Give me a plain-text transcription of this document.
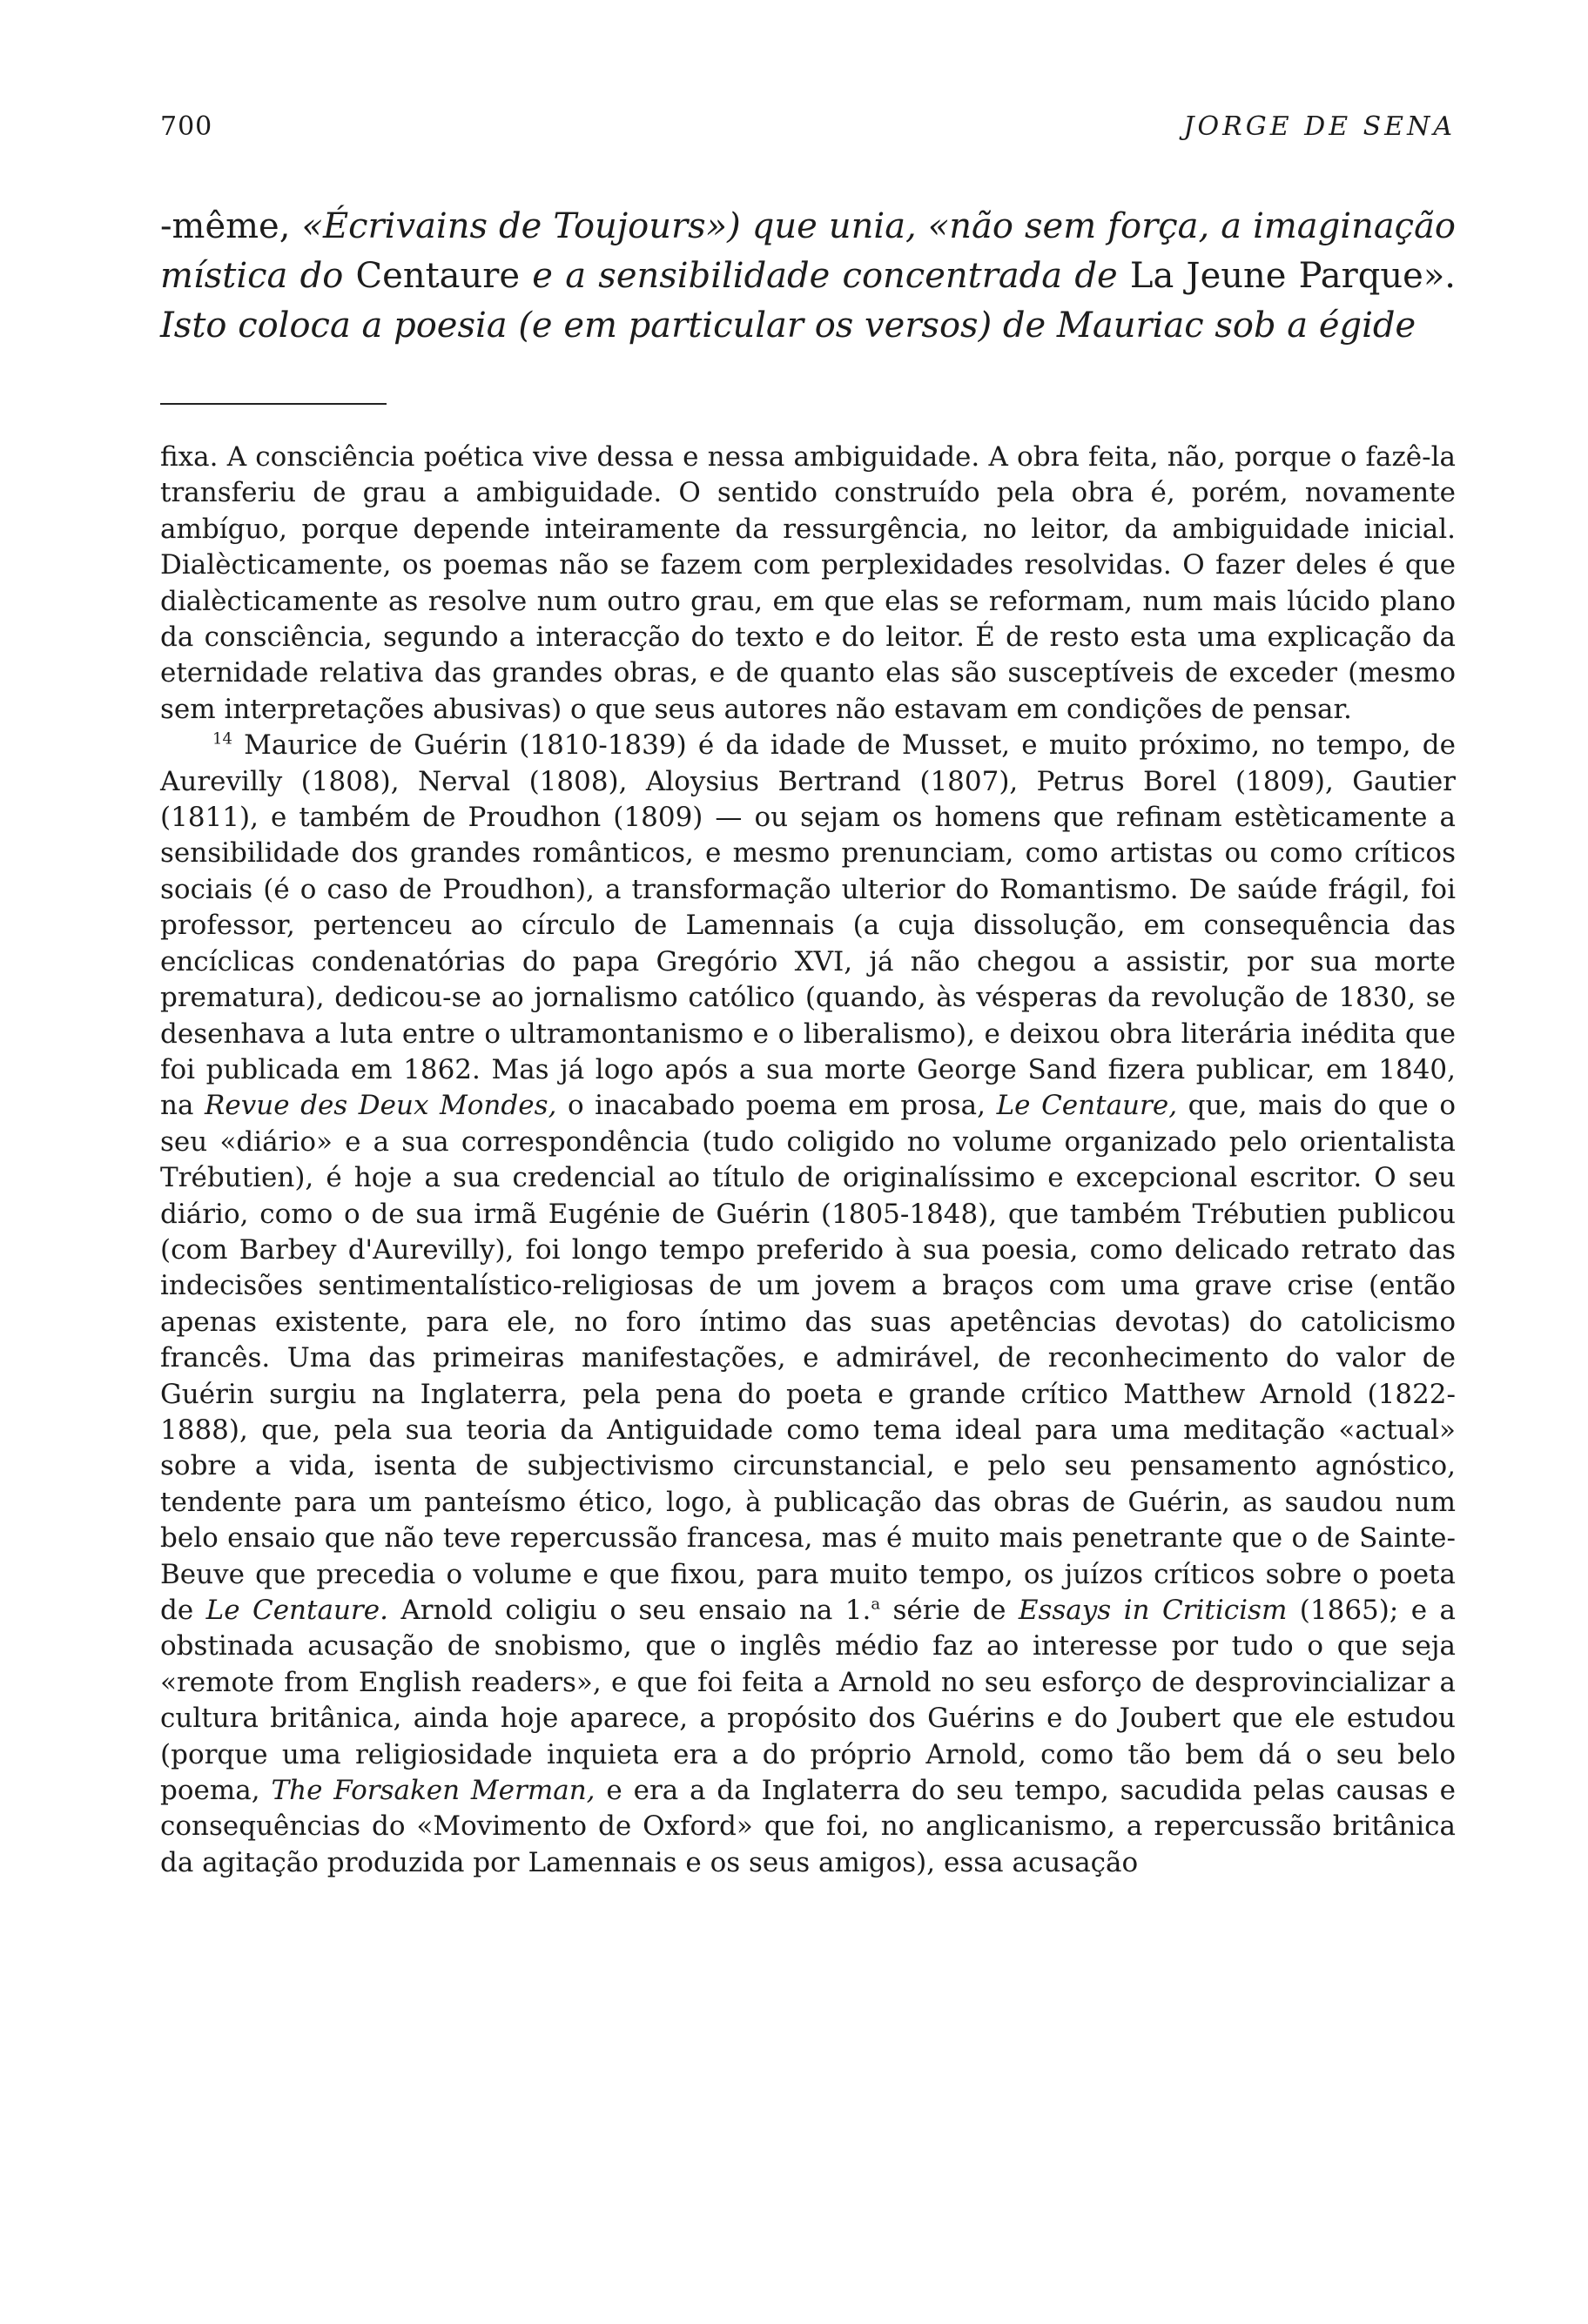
700	JORGE DE SENA

-même, «Écrivains de Toujours») que unia, «não sem força, a imaginação mística do Centaure e a sensibilidade concentrada de La Jeune Parque». Isto coloca a poesia (e em particular os versos) de Mauriac sob a égide

fixa. A consciência poética vive dessa e nessa ambiguidade. A obra feita, não, porque o fazê-la transferiu de grau a ambiguidade. O sentido construído pela obra é, porém, novamente ambíguo, porque depende inteiramente da ressurgência, no leitor, da ambiguidade inicial. Dialècticamente, os poemas não se fazem com perplexidades resolvidas. O fazer deles é que dialècticamente as resolve num outro grau, em que elas se reformam, num mais lúcido plano da consciência, segundo a interacção do texto e do leitor. É de resto esta uma explicação da eternidade relativa das grandes obras, e de quanto elas são susceptíveis de exceder (mesmo sem interpretações abusivas) o que seus autores não estavam em condições de pensar.

$^{14}$ Maurice de Guérin (1810-1839) é da idade de Musset, e muito próximo, no tempo, de Aurevilly (1808), Nerval (1808), Aloysius Bertrand (1807), Petrus Borel (1809), Gautier (1811), e também de Proudhon (1809) — ou sejam os homens que refinam estèticamente a sensibilidade dos grandes românticos, e mesmo prenunciam, como artistas ou como críticos sociais (é o caso de Proudhon), a transformação ulterior do Romantismo. De saúde frágil, foi professor, pertenceu ao círculo de Lamennais (a cuja dissolução, em consequência das encíclicas condenatórias do papa Gregório XVI, já não chegou a assistir, por sua morte prematura), dedicou-se ao jornalismo católico (quando, às vésperas da revolução de 1830, se desenhava a luta entre o ultramontanismo e o liberalismo), e deixou obra literária inédita que foi publicada em 1862. Mas já logo após a sua morte George Sand fizera publicar, em 1840, na Revue des Deux Mondes, o inacabado poema em prosa, Le Centaure, que, mais do que o seu «diário» e a sua correspondência (tudo coligido no volume organizado pelo orientalista Trébutien), é hoje a sua credencial ao título de originalíssimo e excepcional escritor. O seu diário, como o de sua irmã Eugénie de Guérin (1805-1848), que também Trébutien publicou (com Barbey d'Aurevilly), foi longo tempo preferido à sua poesia, como delicado retrato das indecisões sentimentalístico-religiosas de um jovem a braços com uma grave crise (então apenas existente, para ele, no foro íntimo das suas apetências devotas) do catolicismo francês. Uma das primeiras manifestações, e admirável, de reconhecimento do valor de Guérin surgiu na Inglaterra, pela pena do poeta e grande crítico Matthew Arnold (1822-1888), que, pela sua teoria da Antiguidade como tema ideal para uma meditação «actual» sobre a vida, isenta de subjectivismo circunstancial, e pelo seu pensamento agnóstico, tendente para um panteísmo ético, logo, à publicação das obras de Guérin, as saudou num belo ensaio que não teve repercussão francesa, mas é muito mais penetrante que o de Sainte-Beuve que precedia o volume e que fixou, para muito tempo, os juízos críticos sobre o poeta de Le Centaure. Arnold coligiu o seu ensaio na 1.$^a$ série de Essays in Criticism (1865); e a obstinada acusação de snobismo, que o inglês médio faz ao interesse por tudo o que seja «remote from English readers», e que foi feita a Arnold no seu esforço de desprovincializar a cultura britânica, ainda hoje aparece, a propósito dos Guérins e do Joubert que ele estudou (porque uma religiosidade inquieta era a do próprio Arnold, como tão bem dá o seu belo poema, The Forsaken Merman, e era a da Inglaterra do seu tempo, sacudida pelas causas e consequências do «Movimento de Oxford» que foi, no anglicanismo, a repercussão britânica da agitação produzida por Lamennais e os seus amigos), essa acusação
